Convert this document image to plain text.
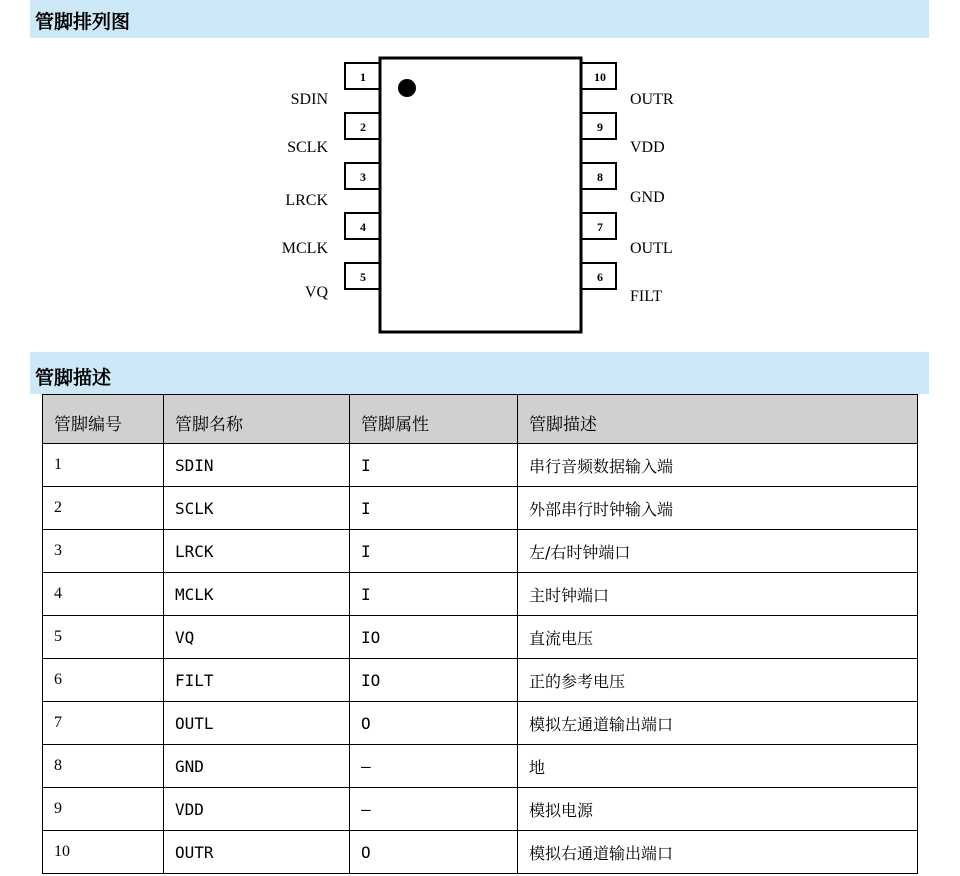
管脚排列图
1
SDIN
2
SCLK
3
LRCK
4
MCLK
5
VQ
10
OUTR
9
VDD
8
GND
7
OUTL
6
FILT
管脚描述
管脚编号	管脚名称	管脚属性	管脚描述
1	SDIN	I	串行音频数据输入端
2	SCLK	I	外部串行时钟输入端
3	LRCK	I	左/右时钟端口
4	MCLK	I	主时钟端口
5	VQ	IO	直流电压
6	FILT	IO	正的参考电压
7	OUTL	O	模拟左通道输出端口
8	GND	–	地
9	VDD	–	模拟电源
10	OUTR	O	模拟右通道输出端口
